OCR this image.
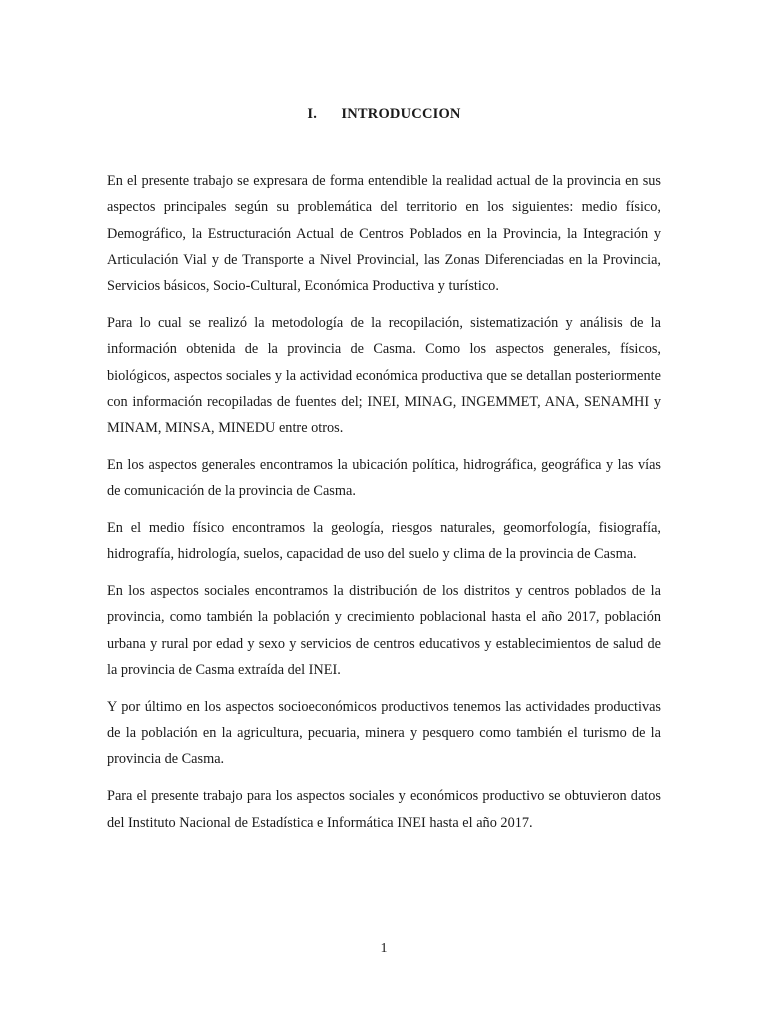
I. INTRODUCCION

En el presente trabajo se expresara de forma entendible la realidad actual de la provincia en sus aspectos principales según su problemática del territorio en los siguientes: medio físico, Demográfico, la Estructuración Actual de Centros Poblados en la Provincia, la Integración y Articulación Vial y de Transporte a Nivel Provincial, las Zonas Diferenciadas en la Provincia, Servicios básicos, Socio-Cultural, Económica Productiva y turístico.

Para lo cual se realizó la metodología de la recopilación, sistematización y análisis de la información obtenida de la provincia de Casma. Como los aspectos generales, físicos, biológicos, aspectos sociales y la actividad económica productiva que se detallan posteriormente con información recopiladas de fuentes del; INEI, MINAG, INGEMMET, ANA, SENAMHI y MINAM, MINSA, MINEDU entre otros.

En los aspectos generales encontramos la ubicación política, hidrográfica, geográfica y las vías de comunicación de la provincia de Casma.

En el medio físico encontramos la geología, riesgos naturales, geomorfología, fisiografía, hidrografía, hidrología, suelos, capacidad de uso del suelo y clima de la provincia de Casma.

En los aspectos sociales encontramos la distribución de los distritos y centros poblados de la provincia, como también la población y crecimiento poblacional hasta el año 2017, población urbana y rural por edad y sexo y servicios de centros educativos y establecimientos de salud de la provincia de Casma extraída del INEI.

Y por último en los aspectos socioeconómicos productivos tenemos las actividades productivas de la población en la agricultura, pecuaria, minera y pesquero como también el turismo de la provincia de Casma.

Para el presente trabajo para los aspectos sociales y económicos productivo se obtuvieron datos del Instituto Nacional de Estadística e Informática INEI hasta el año 2017.

1
